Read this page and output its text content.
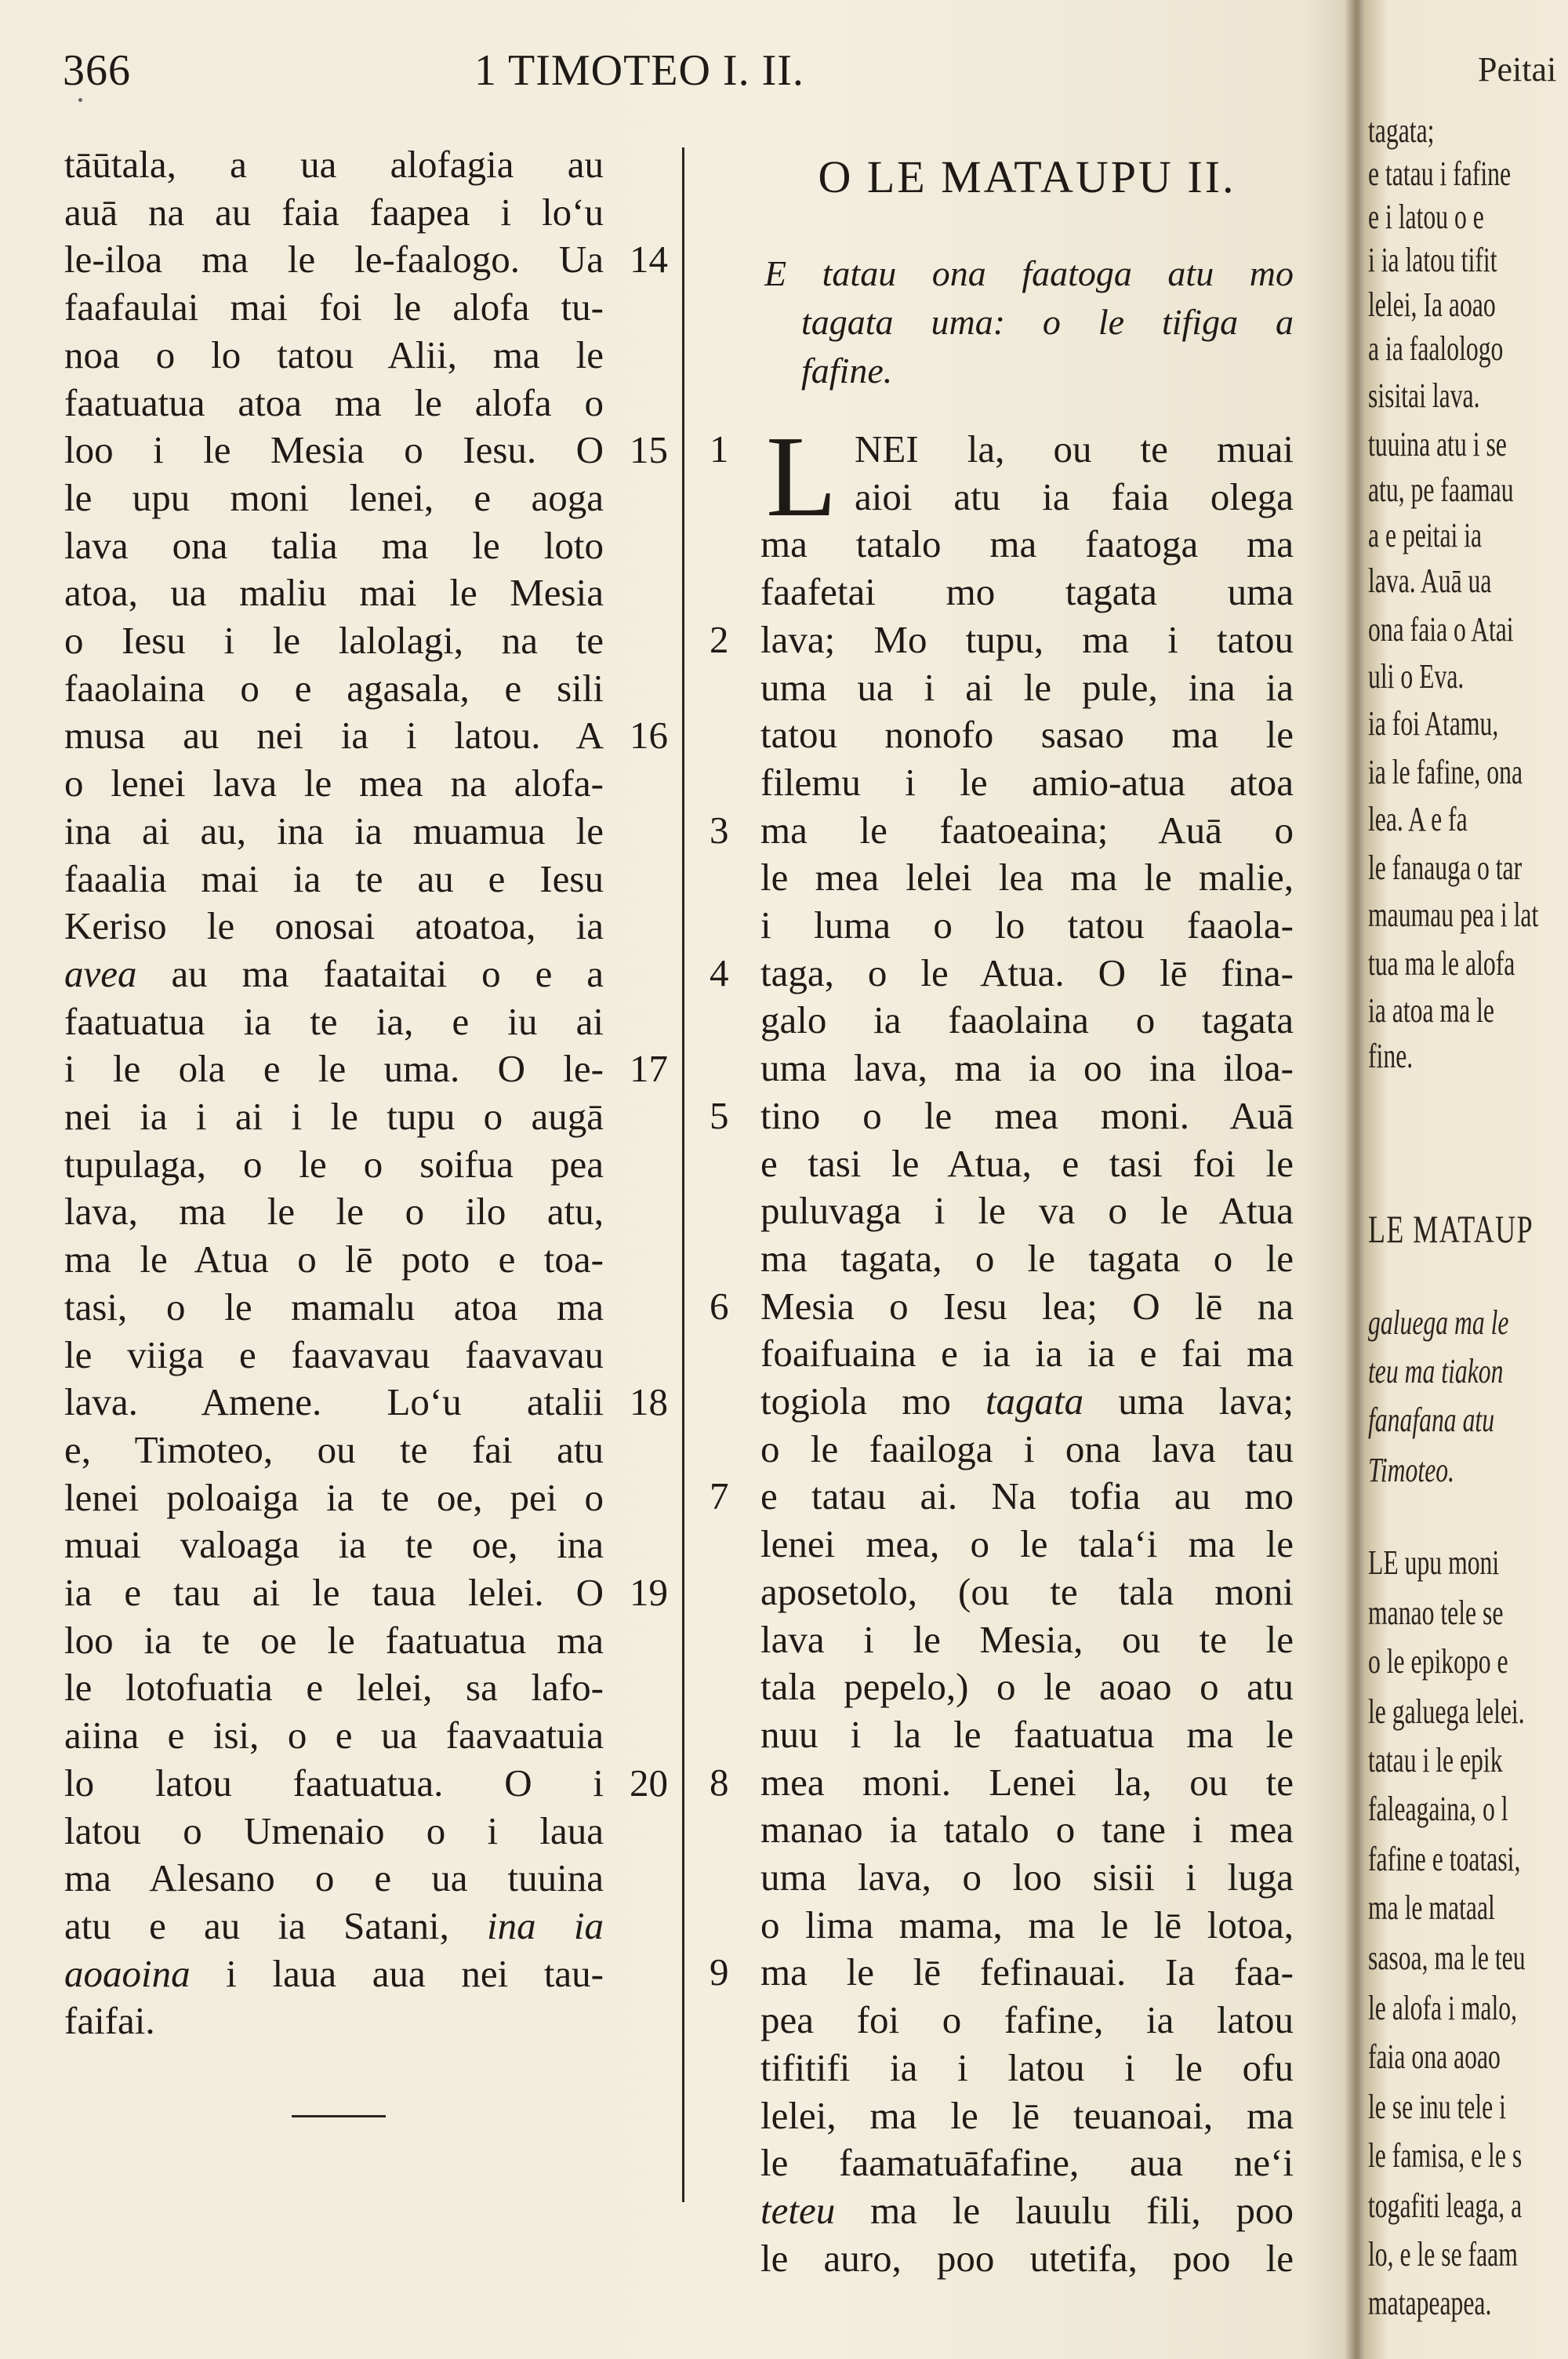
366	1 TIMOTEO I. II.
tāūtala, a ua alofagia au
auā na au faia faapea i lo‘u
le-iloa ma le le-faalogo. Ua
faafaulai mai foi le alofa tu-
noa o lo tatou Alii, ma le
faatuatua atoa ma le alofa o
loo i le Mesia o Iesu. O
le upu moni lenei, e aoga
lava ona talia ma le loto
atoa, ua maliu mai le Mesia
o Iesu i le lalolagi, na te
faaolaina o e agasala, e sili
musa au nei ia i latou. A
o lenei lava le mea na alofa-
ina ai au, ina ia muamua le
faaalia mai ia te au e Iesu
Keriso le onosai atoatoa, ia
avea au ma faataitai o e a
faatuatua ia te ia, e iu ai
i le ola e le uma. O le-
nei ia i ai i le tupu o augā
tupulaga, o le o soifua pea
lava, ma le le o ilo atu,
ma le Atua o lē poto e toa-
tasi, o le mamalu atoa ma
le viiga e faavavau faavavau
lava. Amene. Lo‘u atalii
e, Timoteo, ou te fai atu
lenei poloaiga ia te oe, pei o
muai valoaga ia te oe, ina
ia e tau ai le taua lelei. O
loo ia te oe le faatuatua ma
le lotofuatia e lelei, sa lafo-
aiina e isi, o e ua faavaatuia
lo latou faatuatua. O i
latou o Umenaio o i laua
ma Alesano o e ua tuuina
atu e au ia Satani, ina ia
aoaoina i laua aua nei tau-
faifai.
14
15
16
17
18
19
20
O LE MATAUPU II.
E tatau ona faatoga atu mo
tagata uma: o le tifiga a
fafine.
L NEI la, ou te muai
aioi atu ia faia olega
ma tatalo ma faatoga ma
faafetai mo tagata uma
lava; Mo tupu, ma i tatou
uma ua i ai le pule, ina ia
tatou nonofo sasao ma le
filemu i le amio-atua atoa
ma le faatoeaina; Auā o
le mea lelei lea ma le malie,
i luma o lo tatou faaola-
taga, o le Atua. O lē fina-
galo ia faaolaina o tagata
uma lava, ma ia oo ina iloa-
tino o le mea moni. Auā
e tasi le Atua, e tasi foi le
puluvaga i le va o le Atua
ma tagata, o le tagata o le
Mesia o Iesu lea; O lē na
foaifuaina e ia ia ia e fai ma
togiola mo tagata uma lava;
o le faailoga i ona lava tau
e tatau ai. Na tofia au mo
lenei mea, o le tala‘i ma le
aposetolo, (ou te tala moni
lava i le Mesia, ou te le
tala pepelo,) o le aoao o atu
nuu i la le faatuatua ma le
mea moni. Lenei la, ou te
manao ia tatalo o tane i mea
uma lava, o loo sisii i luga
o lima mama, ma le lē lotoa,
ma le lē fefinauai. Ia faa-
pea foi o fafine, ia latou
tifitifi ia i latou i le ofu
lelei, ma le lē teuanoai, ma
le faamatuāfafine, aua ne‘i
teteu ma le lauulu fili, poo
le auro, poo utetifa, poo le
1
2
3
4
5
6
7
8
9
Peitai
tagata;
e tatau i fafine
e i latou o e
i ia latou tifit
lelei, Ia aoao
a ia faalologo
sisitai lava.
tuuina atu i se
atu, pe faamau
a e peitai ia
lava. Auā ua
ona faia o Atai
uli o Eva.
ia foi Atamu,
ia le fafine, ona
lea. A e fa
le fanauga o tar
maumau pea i lat
tua ma le alofa
ia atoa ma le
fine.
LE MATAUP
galuega ma le
teu ma tiakon
fanafana atu
Timoteo.
LE upu moni
manao tele se
o le epikopo e
le galuega lelei.
tatau i le epik
faleagaina, o l
fafine e toatasi,
ma le mataal
sasoa, ma le teu
le alofa i malo,
faia ona aoao
le se inu tele i
le famisa, e le s
togafiti leaga, a
lo, e le se faam
matapeapea.
